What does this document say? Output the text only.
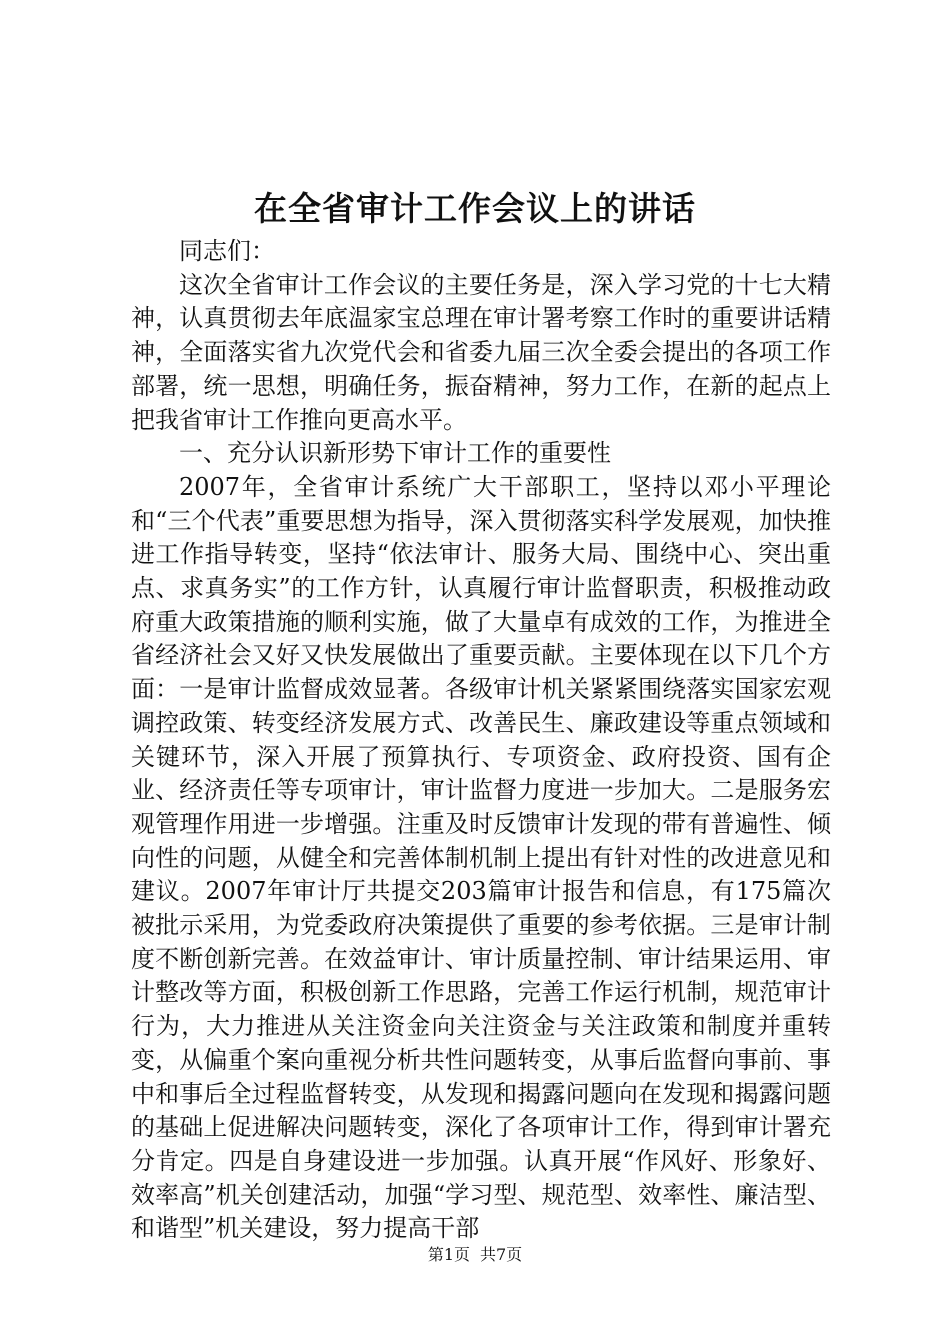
在全省审计工作会议上的讲话

同志们：

这次全省审计工作会议的主要任务是，深入学习党的十七大精神，认真贯彻去年底温家宝总理在审计署考察工作时的重要讲话精神，全面落实省九次党代会和省委九届三次全委会提出的各项工作部署，统一思想，明确任务，振奋精神，努力工作，在新的起点上把我省审计工作推向更高水平。

一、充分认识新形势下审计工作的重要性

2007年，全省审计系统广大干部职工，坚持以邓小平理论和“三个代表”重要思想为指导，深入贯彻落实科学发展观，加快推进工作指导转变，坚持“依法审计、服务大局、围绕中心、突出重点、求真务实”的工作方针，认真履行审计监督职责，积极推动政府重大政策措施的顺利实施，做了大量卓有成效的工作，为推进全省经济社会又好又快发展做出了重要贡献。主要体现在以下几个方面：一是审计监督成效显著。各级审计机关紧紧围绕落实国家宏观调控政策、转变经济发展方式、改善民生、廉政建设等重点领域和关键环节，深入开展了预算执行、专项资金、政府投资、国有企业、经济责任等专项审计，审计监督力度进一步加大。二是服务宏观管理作用进一步增强。注重及时反馈审计发现的带有普遍性、倾向性的问题，从健全和完善体制机制上提出有针对性的改进意见和建议。2007年审计厅共提交203篇审计报告和信息，有175篇次被批示采用，为党委政府决策提供了重要的参考依据。三是审计制度不断创新完善。在效益审计、审计质量控制、审计结果运用、审计整改等方面，积极创新工作思路，完善工作运行机制，规范审计行为，大力推进从关注资金向关注资金与关注政策和制度并重转变，从偏重个案向重视分析共性问题转变，从事后监督向事前、事中和事后全过程监督转变，从发现和揭露问题向在发现和揭露问题的基础上促进解决问题转变，深化了各项审计工作，得到审计署充分肯定。四是自身建设进一步加强。认真开展“作风好、形象好、效率高”机关创建活动，加强“学习型、规范型、效率性、廉洁型、和谐型”机关建设，努力提高干部

第1页 共7页
